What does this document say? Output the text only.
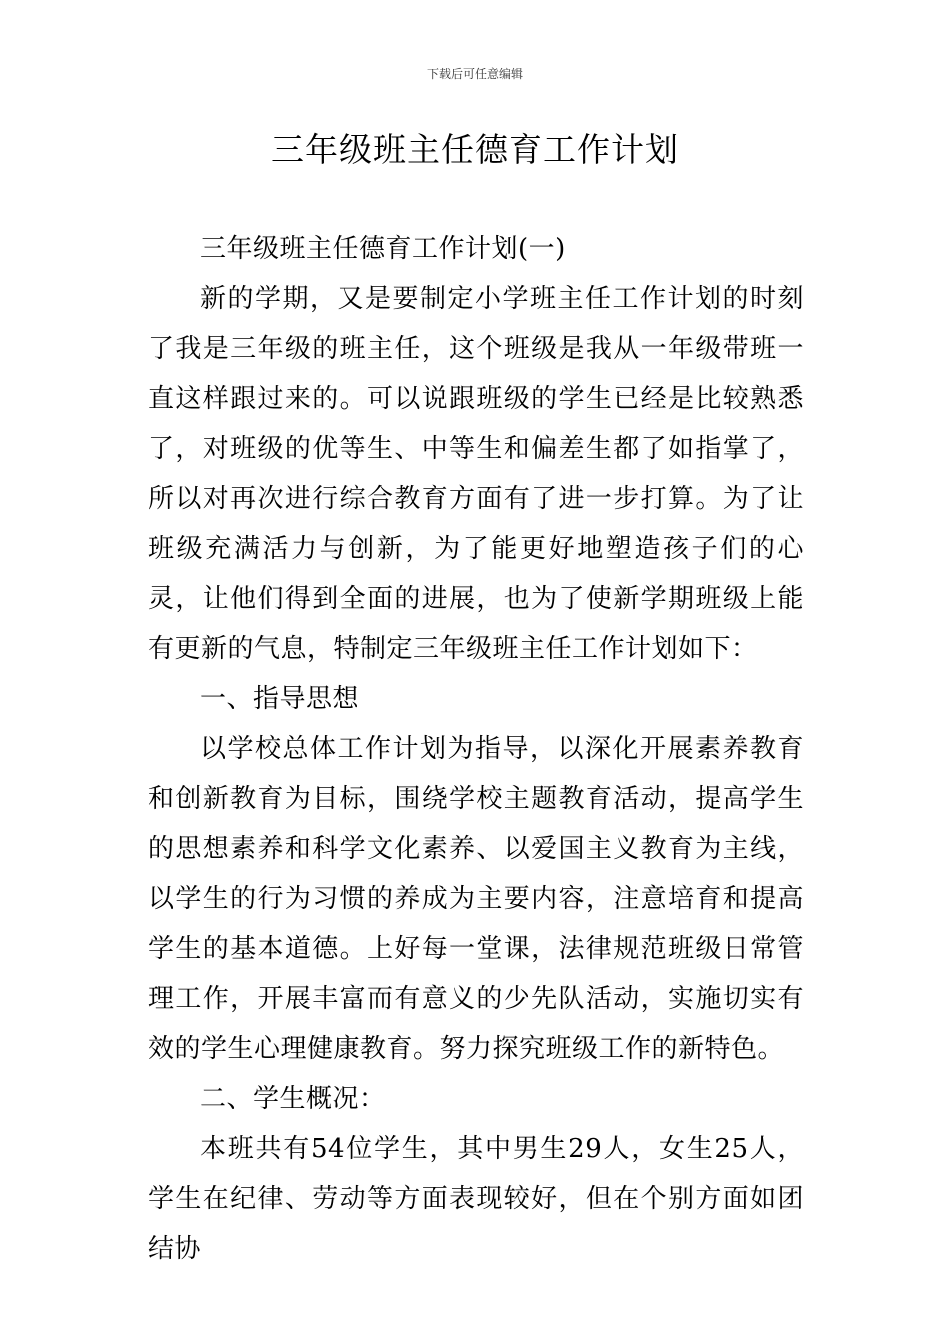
下载后可任意编辑
三年级班主任德育工作计划

三年级班主任德育工作计划(一)

新的学期，又是要制定小学班主任工作计划的时刻了我是三年级的班主任，这个班级是我从一年级带班一直这样跟过来的。可以说跟班级的学生已经是比较熟悉了，对班级的优等生、中等生和偏差生都了如指掌了，所以对再次进行综合教育方面有了进一步打算。为了让班级充满活力与创新，为了能更好地塑造孩子们的心灵，让他们得到全面的进展，也为了使新学期班级上能有更新的气息，特制定三年级班主任工作计划如下：

一、指导思想

以学校总体工作计划为指导，以深化开展素养教育和创新教育为目标，围绕学校主题教育活动，提高学生的思想素养和科学文化素养、以爱国主义教育为主线，以学生的行为习惯的养成为主要内容，注意培育和提高学生的基本道德。上好每一堂课，法律规范班级日常管理工作，开展丰富而有意义的少先队活动，实施切实有效的学生心理健康教育。努力探究班级工作的新特色。

二、学生概况：

本班共有54位学生，其中男生29人，女生25人，学生在纪律、劳动等方面表现较好，但在个别方面如团结协
